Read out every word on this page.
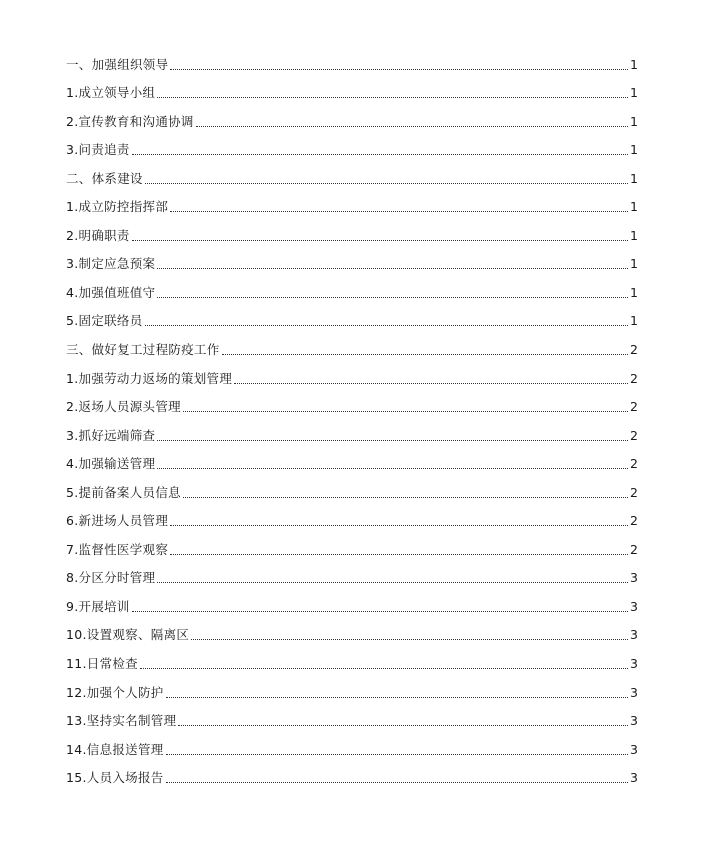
一、加强组织领导	1
1.成立领导小组	1
2.宣传教育和沟通协调	1
3.问责追责	1
二、体系建设	1
1.成立防控指挥部	1
2.明确职责	1
3.制定应急预案	1
4.加强值班值守	1
5.固定联络员	1
三、做好复工过程防疫工作	2
1.加强劳动力返场的策划管理	2
2.返场人员源头管理	2
3.抓好远端筛查	2
4.加强输送管理	2
5.提前备案人员信息	2
6.新进场人员管理	2
7.监督性医学观察	2
8.分区分时管理	3
9.开展培训	3
10.设置观察、隔离区	3
11.日常检查	3
12.加强个人防护	3
13.坚持实名制管理	3
14.信息报送管理	3
15.人员入场报告	3
